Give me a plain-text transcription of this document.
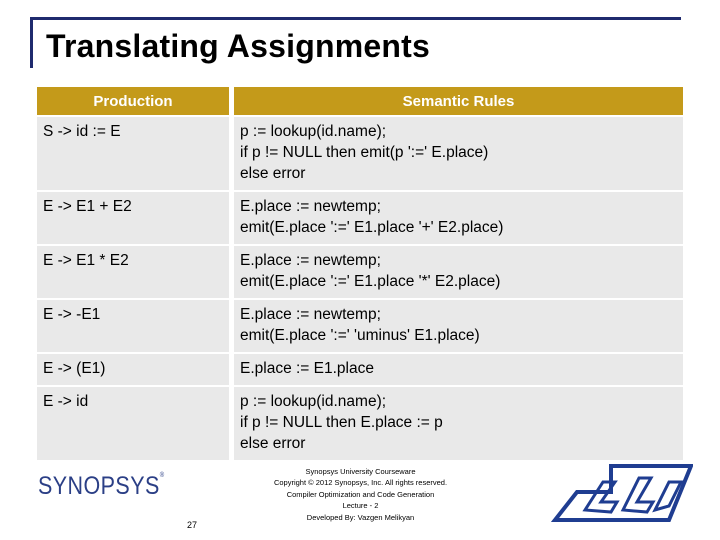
Translating Assignments
Production	Semantic Rules
S -> id := E	p := lookup(id.name);
if p != NULL then emit(p ':=' E.place)
else error

E -> E1 + E2	E.place := newtemp;
emit(E.place ':=' E1.place '+' E2.place)

E -> E1 * E2	E.place := newtemp;
emit(E.place ':=' E1.place '*' E2.place)

E -> -E1	E.place := newtemp;
emit(E.place ':=' 'uminus' E1.place)

E -> (E1)	E.place := E1.place

E -> id	p := lookup(id.name);
if p != NULL then E.place := p
else error
SYNOPSYS®
27
Synopsys University Courseware
Copyright © 2012 Synopsys, Inc. All rights reserved.
Compiler Optimization and Code Generation
Lecture - 2
Developed By: Vazgen Melikyan
